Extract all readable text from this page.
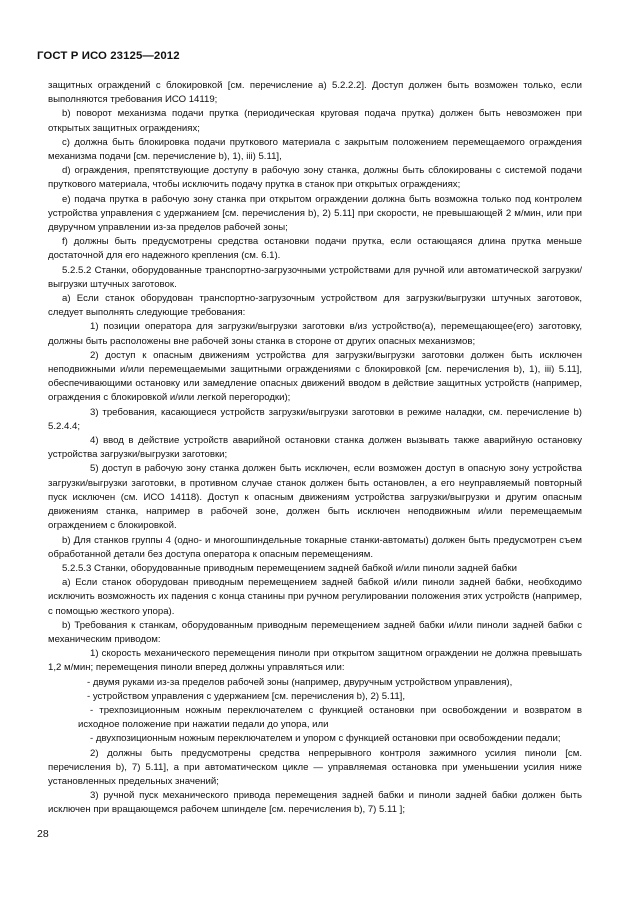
ГОСТ Р ИСО 23125—2012

защитных ограждений с блокировкой [см. перечисление а) 5.2.2.2]. Доступ должен быть возможен только, если выполняются требования ИСО 14119;

b) поворот механизма подачи прутка (периодическая круговая подача прутка) должен быть невозможен при открытых защитных ограждениях;

c) должна быть блокировка подачи пруткового материала с закрытым положением перемещаемого ограждения механизма подачи [см. перечисление b), 1), iii) 5.11],

d) ограждения, препятствующие доступу в рабочую зону станка, должны быть сблокированы с системой подачи пруткового материала, чтобы исключить подачу прутка в станок при открытых ограждениях;

e) подача прутка в рабочую зону станка при открытом ограждении должна быть возможна только под контролем устройства управления с удержанием [см. перечисления b), 2) 5.11] при скорости, не превышающей 2 м/мин, или при двуручном управлении из-за пределов рабочей зоны;

f) должны быть предусмотрены средства остановки подачи прутка, если остающаяся длина прутка меньше достаточной для его надежного крепления (см. 6.1).

5.2.5.2 Станки, оборудованные транспортно-загрузочными устройствами для ручной или автоматической загрузки/выгрузки штучных заготовок.

а) Если станок оборудован транспортно-загрузочным устройством для загрузки/выгрузки штучных заготовок, следует выполнять следующие требования:

1) позиции оператора для загрузки/выгрузки заготовки в/из устройство(а), перемещающее(его) заготовку, должны быть расположены вне рабочей зоны станка в стороне от других опасных механизмов;

2) доступ к опасным движениям устройства для загрузки/выгрузки заготовки должен быть исключен неподвижными и/или перемещаемыми защитными ограждениями с блокировкой [см. перечисления b), 1), iii) 5.11], обеспечивающими остановку или замедление опасных движений вводом в действие защитных устройств (например, ограждения с блокировкой и/или легкой перегородки);

3) требования, касающиеся устройств загрузки/выгрузки заготовки в режиме наладки, см. перечисление b) 5.2.4.4;

4) ввод в действие устройств аварийной остановки станка должен вызывать также аварийную остановку устройства загрузки/выгрузки заготовки;

5) доступ в рабочую зону станка должен быть исключен, если возможен доступ в опасную зону устройства загрузки/выгрузки заготовки, в противном случае станок должен быть остановлен, а его неуправляемый повторный пуск исключен (см. ИСО 14118). Доступ к опасным движениям устройства загрузки/выгрузки и другим опасным движениям станка, например в рабочей зоне, должен быть исключен неподвижным и/или перемещаемым ограждением с блокировкой.

b) Для станков группы 4 (одно- и многошпиндельные токарные станки-автоматы) должен быть предусмотрен съем обработанной детали без доступа оператора к опасным перемещениям.

5.2.5.3 Станки, оборудованные приводным перемещением задней бабкой и/или пиноли задней бабки

а) Если станок оборудован приводным перемещением задней бабкой и/или пиноли задней бабки, необходимо исключить возможность их падения с конца станины при ручном регулировании положения этих устройств (например, с помощью жесткого упора).

b) Требования к станкам, оборудованным приводным перемещением задней бабки и/или пиноли задней бабки с механическим приводом:

1) скорость механического перемещения пиноли при открытом защитном ограждении не должна превышать 1,2 м/мин; перемещения пиноли вперед должны управляться или:

- двумя руками из-за пределов рабочей зоны (например, двуручным устройством управления),

- устройством управления с удержанием [см. перечисления b), 2) 5.11],

- трехпозиционным ножным переключателем с функцией остановки при освобождении и возвратом в исходное положение при нажатии педали до упора, или

- двухпозиционным ножным переключателем и упором с функцией остановки при освобождении педали;

2) должны быть предусмотрены средства непрерывного контроля зажимного усилия пиноли [см. перечисления b), 7) 5.11], а при автоматическом цикле — управляемая остановка при уменьшении усилия ниже установленных предельных значений;

3) ручной пуск механического привода перемещения задней бабки и пиноли задней бабки должен быть исключен при вращающемся рабочем шпинделе [см. перечисления b), 7) 5.11 ];

28
